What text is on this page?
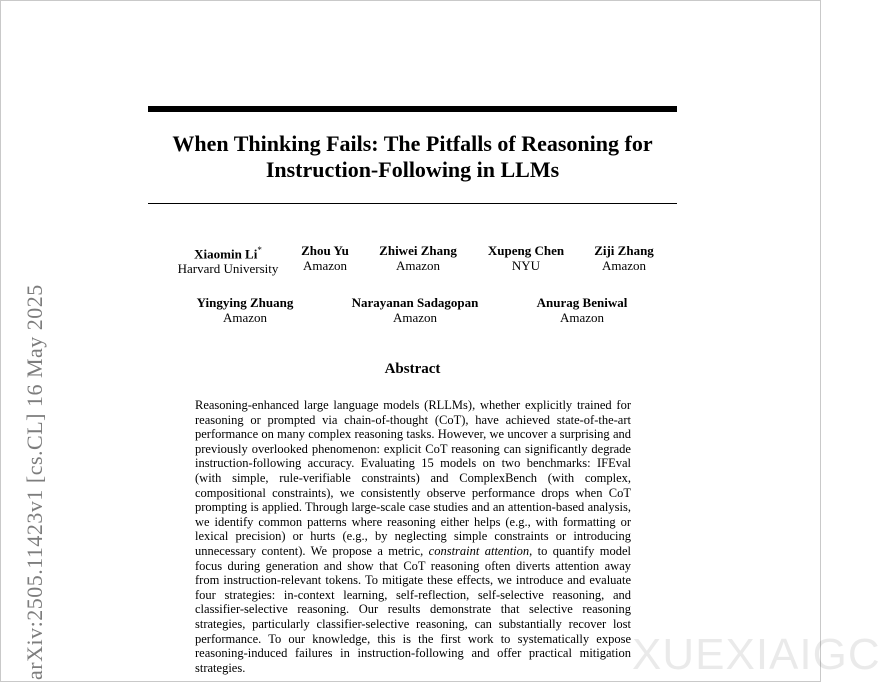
When Thinking Fails: The Pitfalls of Reasoning for
Instruction-Following in LLMs
Xiaomin Li*
Harvard University
Zhou Yu
Amazon
Zhiwei Zhang
Amazon
Xupeng Chen
NYU
Ziji Zhang
Amazon
Yingying Zhuang
Amazon
Narayanan Sadagopan
Amazon
Anurag Beniwal
Amazon
Abstract
Reasoning-enhanced large language models (RLLMs), whether explicitly trained for reasoning or prompted via chain-of-thought (CoT), have achieved state-of-the-art performance on many complex reasoning tasks. However, we uncover a surprising and previously overlooked phenomenon: explicit CoT reasoning can significantly degrade instruction-following accuracy. Evaluating 15 models on two benchmarks: IFEval (with simple, rule-verifiable constraints) and ComplexBench (with complex, compositional constraints), we consistently observe performance drops when CoT prompting is applied. Through large-scale case studies and an attention-based analysis, we identify common patterns where reasoning either helps (e.g., with formatting or lexical precision) or hurts (e.g., by neglecting simple constraints or introducing unnecessary content). We propose a metric, constraint attention, to quantify model focus during generation and show that CoT reasoning often diverts attention away from instruction-relevant tokens. To mitigate these effects, we introduce and evaluate four strategies: in-context learning, self-reflection, self-selective reasoning, and classifier-selective reasoning. Our results demonstrate that selective reasoning strategies, particularly classifier-selective reasoning, can substantially recover lost performance. To our knowledge, this is the first work to systematically expose reasoning-induced failures in instruction-following and offer practical mitigation strategies.
arXiv:2505.11423v1 [cs.CL] 16 May 2025	XUEXIAIGC
